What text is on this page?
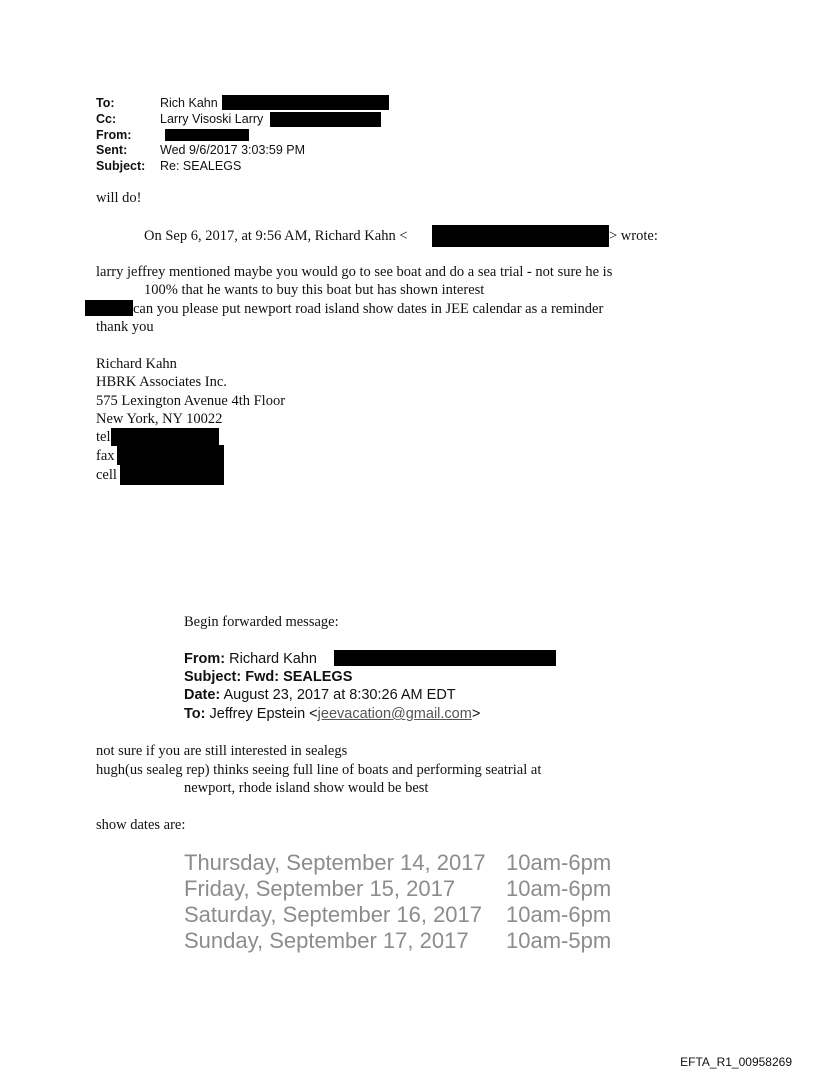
To:	Rich Kahn
Cc:	Larry Visoski Larry
From:
Sent:	Wed 9/6/2017 3:03:59 PM
Subject: Re: SEALEGS
will do!
On Sep 6, 2017, at 9:56 AM, Richard Kahn <	> wrote:
larry jeffrey mentioned maybe you would go to see boat and do a sea trial - not sure he is
100% that he wants to buy this boat but has shown interest
can you please put newport road island show dates in JEE calendar as a reminder
thank you
Richard Kahn
HBRK Associates Inc.
575 Lexington Avenue 4th Floor
New York, NY 10022
tel
fax
cell
Begin forwarded message:
From: Richard Kahn
Subject: Fwd: SEALEGS
Date: August 23, 2017 at 8:30:26 AM EDT
To: Jeffrey Epstein <jeevacation@gmail.com>
not sure if you are still interested in sealegs
hugh(us sealeg rep) thinks seeing full line of boats and performing seatrial at
newport, rhode island show would be best
show dates are:
Thursday, September 14, 2017 10am-6pm
Friday, September 15, 2017 10am-6pm
Saturday, September 16, 2017 10am-6pm
Sunday, September 17, 2017 10am-5pm
EFTA_R1_00958269
